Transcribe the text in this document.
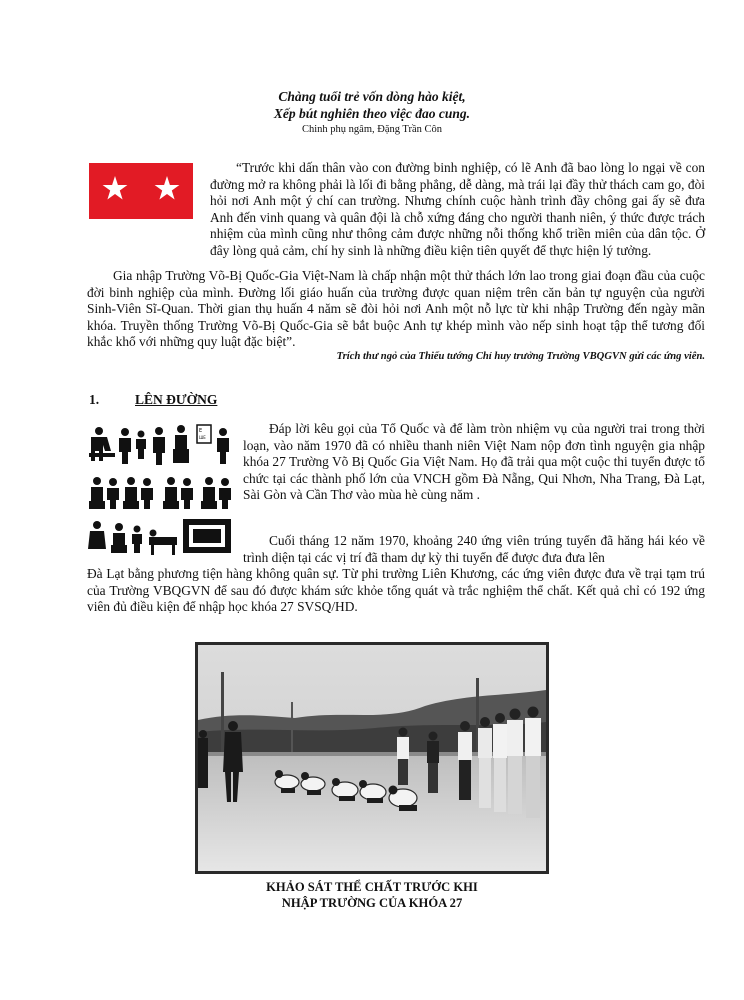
Chàng tuổi trẻ vốn dòng hào kiệt,
Xếp bút nghiên theo việc đao cung.
Chinh phụ ngâm, Đặng Trần Côn
“Trước khi dấn thân vào con đường binh nghiệp, có lẽ Anh đã bao lòng lo ngại về con đường mở ra không phải là lối đi bằng phẳng, dễ dàng, mà trái lại đầy thử thách cam go, đòi hỏi nơi Anh một ý chí can trường. Nhưng chính cuộc hành trình đầy chông gai ấy sẽ đưa Anh đến vinh quang và quân đội là chỗ xứng đáng cho người thanh niên, ý thức được trách nhiệm của mình cũng như thông cảm được những nỗi thống khổ triền miên của dân tộc. Ở đây lòng quả cảm, chí hy sinh là những điều kiện tiên quyết để thực hiện lý tưởng.
Gia nhập Trường Võ-Bị Quốc-Gia Việt-Nam là chấp nhận một thử thách lớn lao trong giai đoạn đầu của cuộc đời binh nghiệp của mình. Đường lối giáo huấn của trường được quan niệm trên căn bản tự nguyện của người Sinh-Viên Sĩ-Quan. Thời gian thụ huấn 4 năm sẽ đòi hỏi nơi Anh một nỗ lực từ khi nhập Trường đến ngày mãn khóa. Truyền thống Trường Võ-Bị Quốc-Gia sẽ bắt buộc Anh tự khép mình vào nếp sinh hoạt tập thể tương đối khắc khổ với những quy luật đặc biệt”.
Trích thư ngỏ của Thiếu tướng Chỉ huy trưởng Trường VBQGVN gửi các ứng viên.
1.	LÊN ĐƯỜNG
E
ШЕ
Đáp lời kêu gọi của Tổ Quốc và để làm tròn nhiệm vụ của người trai trong thời loạn, vào năm 1970 đã có nhiều thanh niên Việt Nam nộp đơn tình nguyện gia nhập khóa 27 Trường Võ Bị Quốc Gia Việt Nam. Họ đã trải qua một cuộc thi tuyển được tổ chức tại các thành phố lớn của VNCH gồm Đà Nẵng, Qui Nhơn, Nha Trang, Đà Lạt, Sài Gòn và Cần Thơ vào mùa hè cùng năm .
Cuối tháng 12 năm 1970, khoảng 240 ứng viên trúng tuyển đã hăng hái kéo về trình diện tại các vị trí đã tham dự kỳ thi tuyển để được đưa đưa lên
Đà Lạt bằng phương tiện hàng không quân sự. Từ phi trường Liên Khương, các ứng viên được đưa về trại tạm trú của Trường VBQGVN để sau đó được khám sức khỏe tổng quát và trắc nghiệm thể chất. Kết quả chỉ có 192 ứng viên đủ điều kiện để nhập học khóa 27 SVSQ/HD.
KHẢO SÁT THỂ CHẤT TRƯỚC KHI
NHẬP TRƯỜNG CỦA KHÓA 27
